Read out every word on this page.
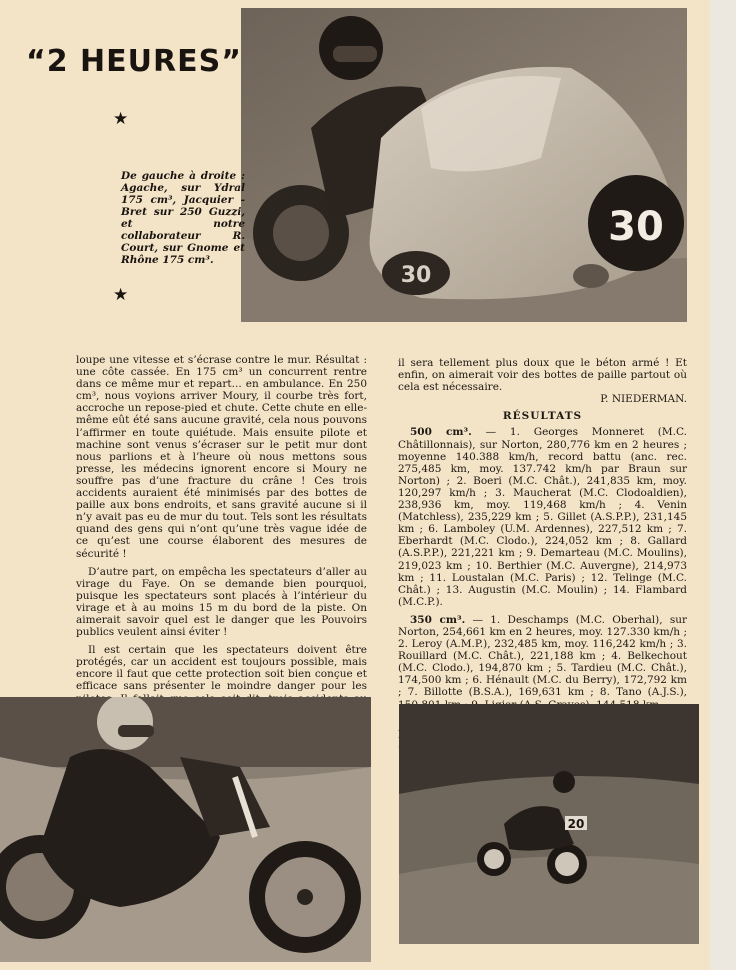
30
30
“2 HEURES”
★
De gauche à droite : Agache, sur Ydral 175 cm³, Jacquier - Bret sur 250 Guzzi, et notre collaborateur R. Court, sur Gnome et Rhône 175 cm³.
★

loupe une vitesse et s’écrase contre le mur. Résultat : une côte cassée. En 175 cm³ un concurrent rentre dans ce même mur et repart... en ambulance. En 250 cm³, nous voyions arriver Moury, il courbe très fort, accroche un repose-pied et chute. Cette chute en elle-même eût été sans aucune gravité, cela nous pouvons l’affirmer en toute quiétude. Mais ensuite pilote et machine sont venus s’écraser sur le petit mur dont nous parlions et à l’heure où nous mettons sous presse, les médecins ignorent encore si Moury ne souffre pas d’une fracture du crâne ! Ces trois accidents auraient été minimisés par des bottes de paille aux bons endroits, et sans gravité aucune si il n’y avait pas eu de mur du tout. Tels sont les résultats quand des gens qui n’ont qu’une très vague idée de ce qu’est une course élaborent des mesures de sécurité !

D’autre part, on empêcha les spectateurs d’aller au virage du Faye. On se demande bien pourquoi, puisque les spectateurs sont placés à l’intérieur du virage et à au moins 15 m du bord de la piste. On aimerait savoir quel est le danger que les Pouvoirs publics veulent ainsi éviter !

Il est certain que les spectateurs doivent être protégés, car un accident est toujours possible, mais encore il faut que cette protection soit bien conçue et efficace sans présenter le moindre danger pour les

il sera tellement plus doux que le béton armé ! Et enfin, on aimerait voir des bottes de paille partout où cela est nécessaire.

P. NIEDERMAN.
RÉSULTATS

500 cm³. — 1. Georges Monneret (M.C. Châtillonnais), sur Norton, 280,776 km en 2 heures ; moyenne 140.388 km/h, record battu (anc. rec. 275,485 km, moy. 137.742 km/h par Braun sur Norton) ; 2. Boeri (M.C. Chât.), 241,835 km, moy. 120,297 km/h ; 3. Maucherat (M.C. Clodoaldien), 238,936 km, moy. 119,468 km/h ; 4. Venin (Matchless), 235,229 km ; 5. Gillet (A.S.P.P.), 231,145 km ; 6. Lamboley (U.M. Ardennes), 227,512 km ; 7. Eberhardt (M.C. Clodo.), 224,052 km ; 8. Gallard (A.S.P.P.), 221,221 km ; 9. Demarteau (M.C. Moulins), 219,023 km ; 10. Berthier (M.C. Auvergne), 214,973 km ; 11. Loustalan (M.C. Paris) ; 12. Telinge (M.C. Chât.) ; 13. Augustin (M.C. Moulin) ; 14. Flambard (M.C.P.).

350 cm³. — 1. Deschamps (M.C. Oberhal), sur Norton, 254,661 km en 2 heures, moy. 127.330 km/h ; 2. Leroy (A.M.P.), 232,485 km, moy. 116,242 km/h ; 3. Rouillard (M.C. Chât.), 221,188 km ; 4. Belkechout (M.C. Clodo.), 194,870 km ; 5. Tardieu (M.C. Chât.), 174,500 km ; 6. Hénault (M.C. du Berry), 172,792 km ; 7. Billotte (B.S.A.), 169,631 km ; 8. Tano (A.J.S.),

20
